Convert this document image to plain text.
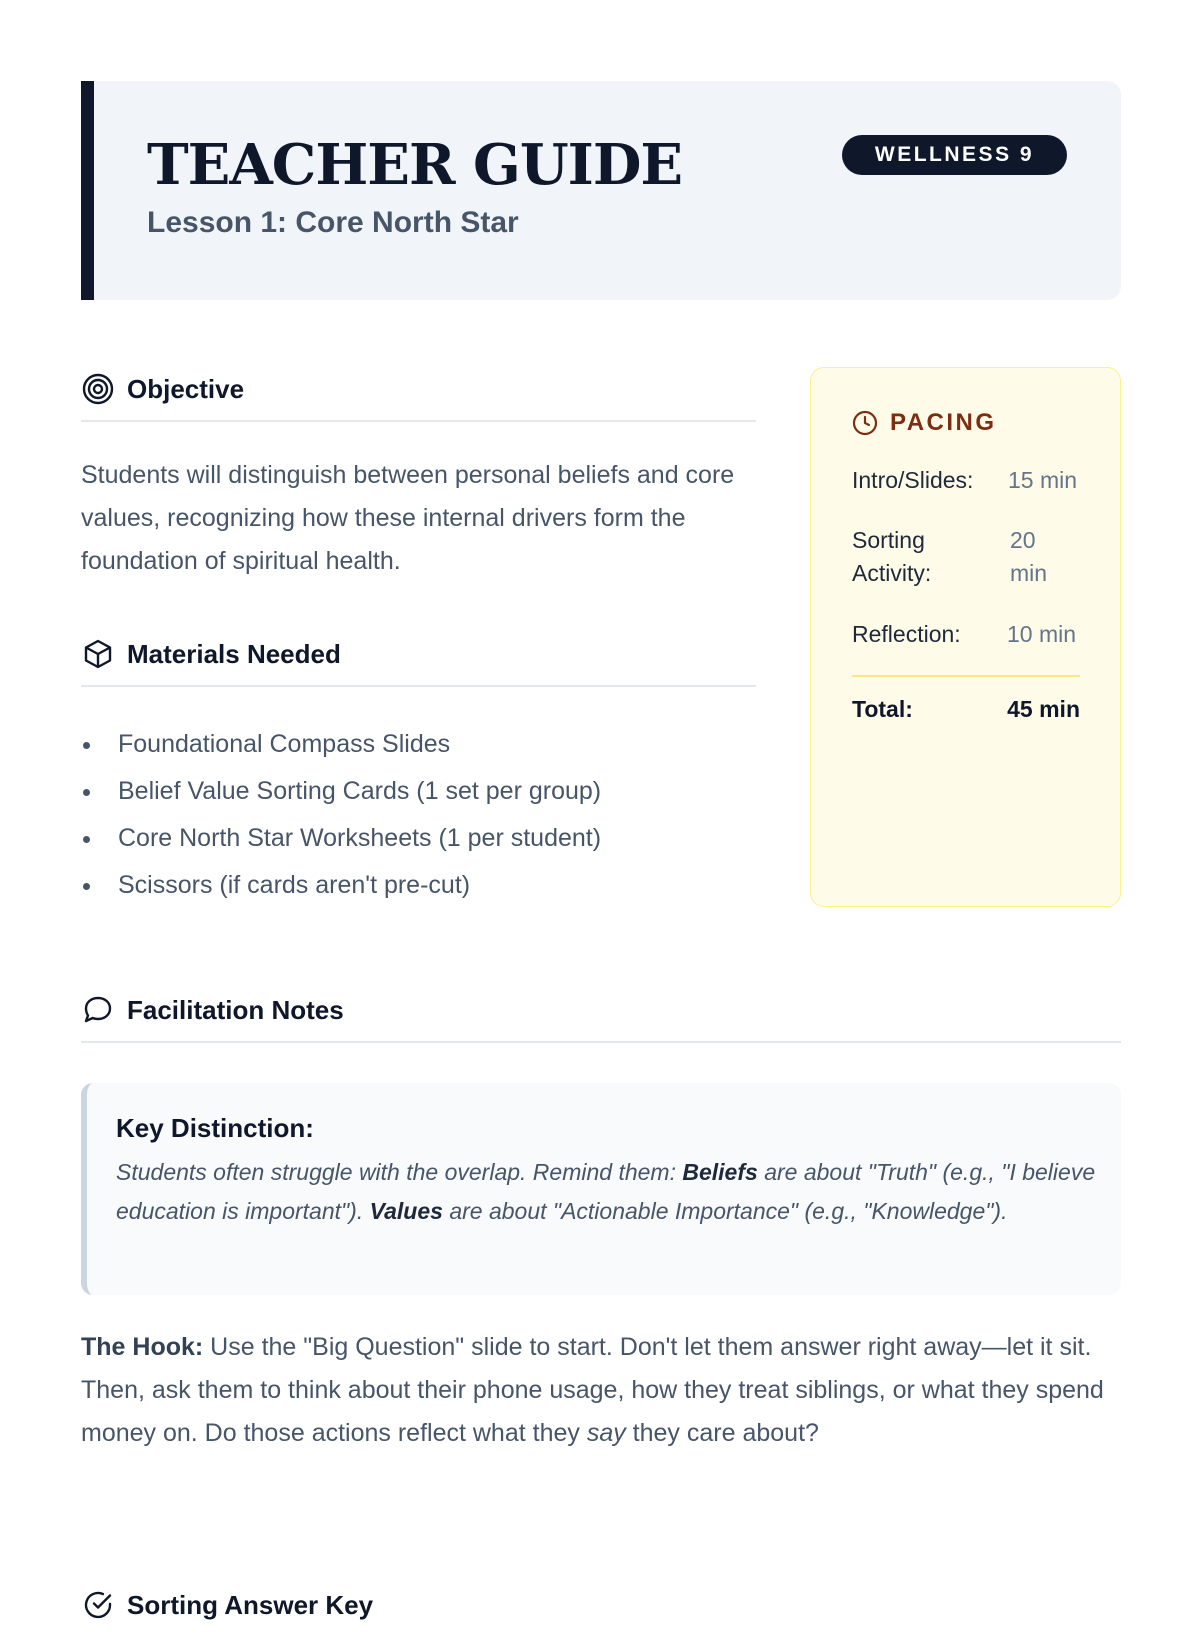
TEACHER GUIDE
Lesson 1: Core North Star
WELLNESS 9
Objective

Students will distinguish between personal beliefs and core values, recognizing how these internal drivers form the foundation of spiritual health.

Materials Needed
Foundational Compass Slides
Belief Value Sorting Cards (1 set per group)
Core North Star Worksheets (1 per student)
Scissors (if cards aren't pre-cut)
PACING
Intro/Slides: 15 min
Sorting Activity:
20 min
Reflection: 10 min
Total:	45 min
Facilitation Notes
Key Distinction:

Students often struggle with the overlap. Remind them: Beliefs are about "Truth" (e.g., "I believe education is important"). Values are about "Actionable Importance" (e.g., "Knowledge").

The Hook: Use the "Big Question" slide to start. Don't let them answer right away—let it sit. Then, ask them to think about their phone usage, how they treat siblings, or what they spend money on. Do those actions reflect what they say they care about?

Sorting Answer Key
